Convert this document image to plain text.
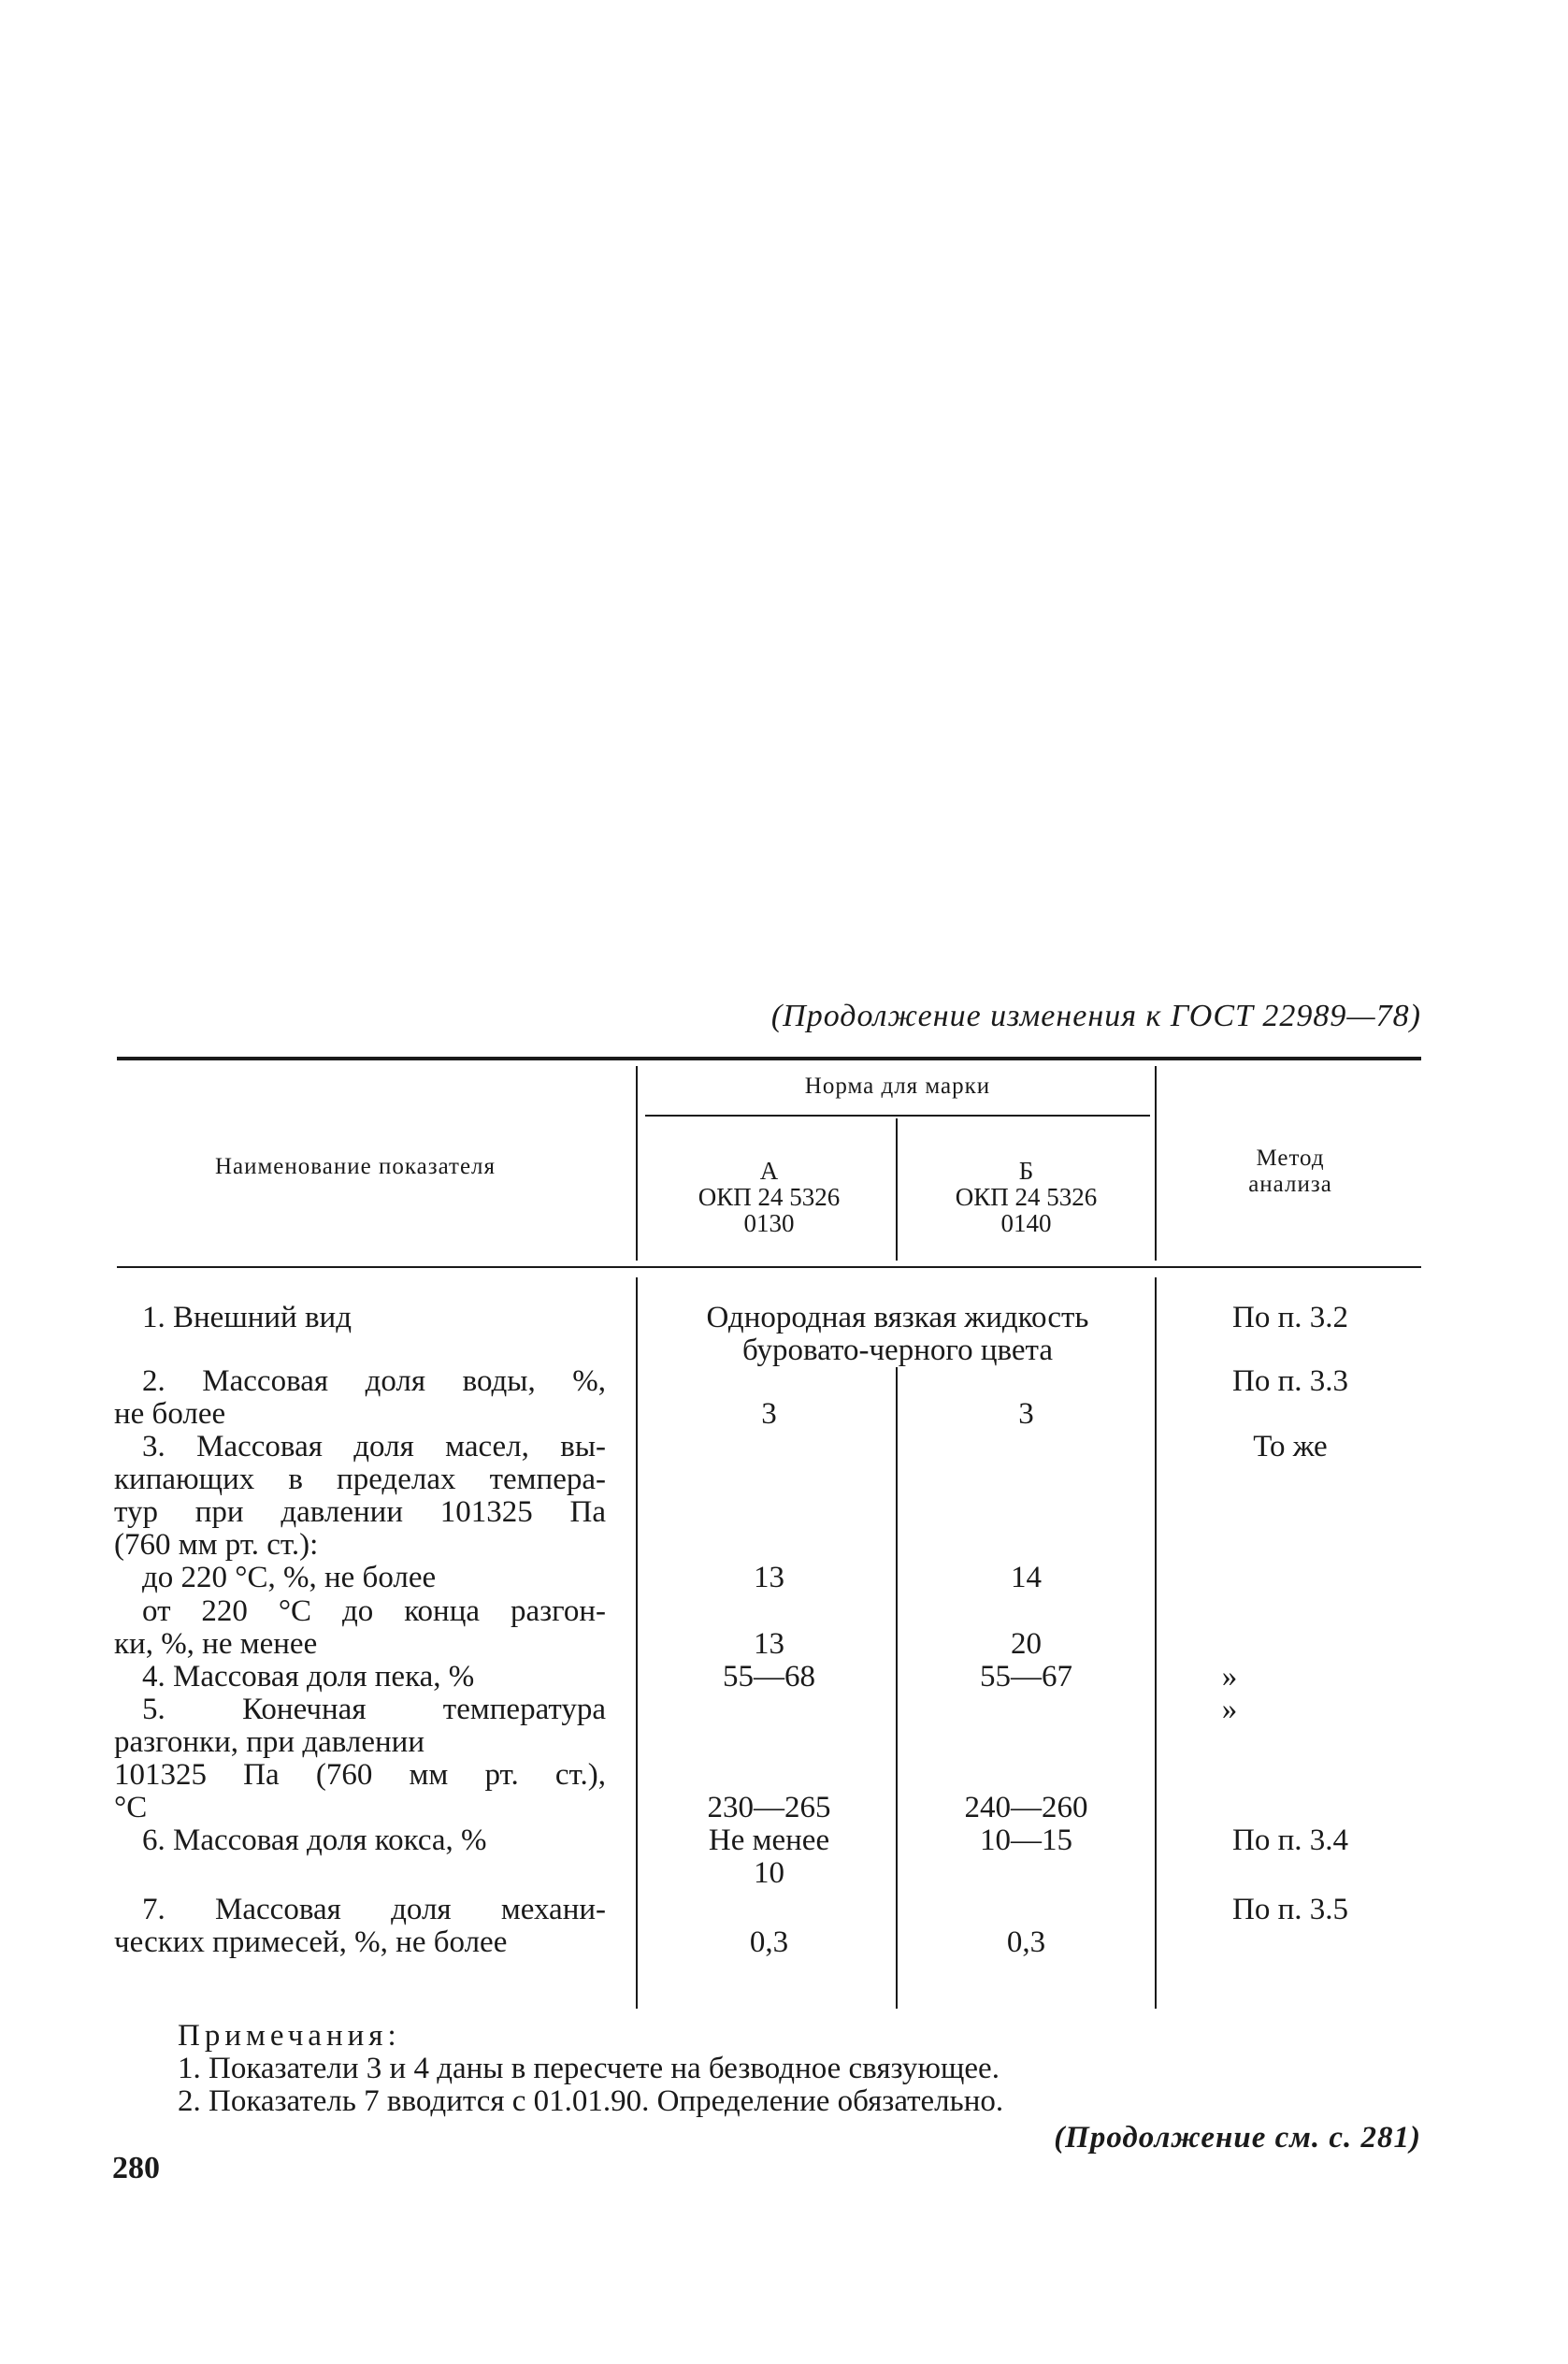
(Продолжение изменения к ГОСТ 22989—78)
Наименование показателя
Норма для марки
А
ОКП 24 5326
0130
Б
ОКП 24 5326
0140
Метод
анализа
1. Внешний вид
2. Массовая доля воды, %,
не более
3. Массовая доля масел, вы-
кипающих в пределах темпера-
тур при давлении 101325 Па
(760 мм рт. ст.):
до 220 °С, %, не более
от 220 °С до конца разгон-
ки, %, не менее
4. Массовая доля пека, %
5. Конечная температура
разгонки, при давлении
101325 Па (760 мм рт. ст.),
°С
6. Массовая доля кокса, %
7. Массовая доля механи-
ческих примесей, %, не более
Однородная вязкая жидкость
буровато-черного цвета
3
13
13
55—68
230—265
Не менее
10
0,3
3
14
20
55—67
240—260
10—15
0,3
По п. 3.2
По п. 3.3
То же
»
»
По п. 3.4
По п. 3.5
Примечания:
1. Показатели 3 и 4 даны в пересчете на безводное связующее.
2. Показатель 7 вводится с 01.01.90. Определение обязательно.
(Продолжение см. с. 281)
280
